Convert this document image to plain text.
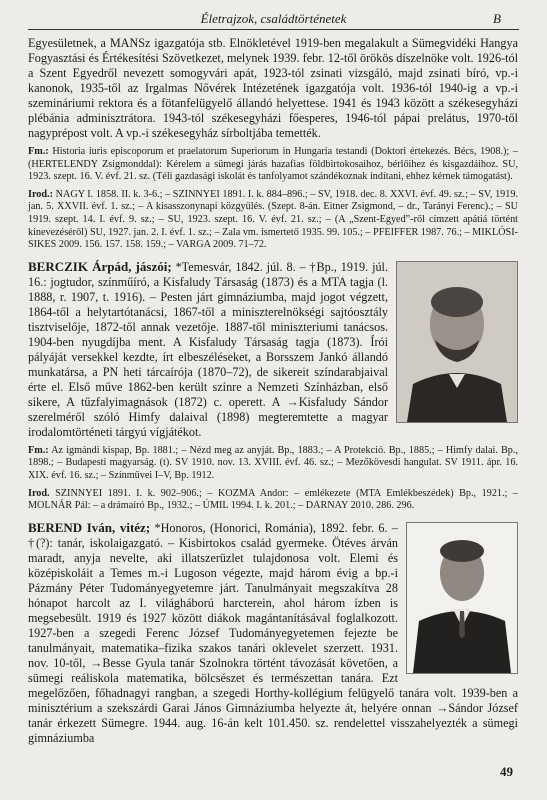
Életrajzok, családtörténetek	B

Egyesületnek, a MANSz igazgatója stb. Elnökletével 1919-ben megalakult a Sümegvidéki Hangya Fogyasztási és Értékesítési Szövetkezet, melynek 1939. febr. 12-től örökös díszelnöke volt. 1926-tól a Szent Egyedről nevezett somogyvári apát, 1923-tól zsinati vizsgáló, majd zsinati bíró, vp.-i kanonok, 1935-től az Irgalmas Nővérek Intézetének igazgatója volt. 1936-tól 1940-ig a vp.-i szemináriumi rektora és a fötanfelügyelő állandó helyettese. 1941 és 1943 között a székesegyházi plébánia adminisztrátora. 1943-tól székesegyházi főesperes, 1946-tól pápai prelátus, 1970-től nagyprépost volt. A vp.-i székesegyház sírboltjába temették.

Fm.: Historia iuris episcoporum et praelatorum Superiorum in Hungaria testandi (Doktori értekezés. Bécs, 1908.); – (HERTELENDY Zsigmonddal): Kérelem a sümegi járás hazafias földbirtokosaihoz, bérlőihez és kisgazdáihoz. SU, 1923. szept. 16. V. évf. 21. sz. (Téli gazdasági iskolát és tanfolyamot szándékoznak indítani, ehhez kérnek támogatást).

Irod.: NAGY I. 1858. II. k. 3-6.; – SZINNYEI 1891. I. k. 884–896.; – SV, 1918. dec. 8. XXVI. évf. 49. sz.; – SV, 1919. jan. 5. XXVII. évf. 1. sz.; – A kisasszonynapi közgyűlés. (Szept. 8-án. Eitner Zsigmond, – dr., Tarányi Ferenc).; – SU 1919. szept. 14. I. évf. 9. sz.; – SU, 1923. szept. 16. V. évf. 21. sz.; – (A „Szent-Egyed”-ről címzett apátiá történt kinevezéséről) SU, 1927. jan. 2. I. évf. 1. sz.; – Zala vm. ismertető 1935. 99. 105.; – PFEIFFER 1987. 76.; – MIKLÓSI-SIKES 2009. 156. 157. 158. 159.; – VARGA 2009. 71–72.

BERCZIK Árpád, jászói; *Temesvár, 1842. júl. 8. – †Bp., 1919. júl. 16.: jogtudor, színműíró, a Kisfaludy Társaság (1873) és a MTA tagja (l. 1888, r. 1907, t. 1916). – Pesten járt gimnáziumba, majd jogot végzett, 1864-től a helytartótanácsi, 1867-től a miniszterelnökségi sajtóosztály tisztviselője, 1872-től annak vezetője. 1887-től miniszteriumi tanácsos. 1904-ben nyugdíjba ment. A Kisfaludy Társaság tagja (1873). Írói pályáját versekkel kezdte, írt elbeszéléseket, a Borsszem Jankó állandó munkatársa, a PN heti tárcaírója (1870–72), de sikereit színdarabjaival érte el. Első műve 1862-ben került színre a Nemzeti Színházban, első sikere, A tűzfalyimagnások (1872) c. operett. A →Kisfaludy Sándor szerelméről szóló Himfy dalaival (1898) megteremtette a magyar irodalomtörténeti tárgyú vígjátékot.

Fm.: Az igmándi kispap, Bp. 1881.; – Nézd meg az anyját. Bp., 1883.; – A Protekció. Bp., 1885.; – Himfy dalai. Bp., 1898.; – Budapesti magyarság. (t). SV 1910. nov. 13. XVIII. évf. 46. sz.; – Mezőkövesdi hangulat. SV 1911. ápr. 16. XIX. évf. 16. sz.; – Színművei I–V, Bp. 1912.

Irod. SZINNYEI 1891. I. k. 902–906.; – KOZMA Andor: – emlékezete (MTA Emlékbeszédek) Bp., 1921.; – MOLNÁR Pál: – a drámaíró Bp., 1932.; – ÚMIL 1994. I. k. 201.; – DARNAY 2010. 286. 296.

BEREND Iván, vitéz; *Honoros, (Honorici, Románia), 1892. febr. 6. – †(?): tanár, iskolaigazgató. – Kisbirtokos család gyermeke. Ötéves árván maradt, anyja nevelte, aki illatszerüzlet tulajdonosa volt. Elemi és középiskoláit a Temes m.-i Lugoson végezte, majd három évig a bp.-i Pázmány Péter Tudományegyetemre járt. Tanulmányait megszakítva 28 hónapot harcolt az I. világháború harcterein, ahol három ízben is megsebesült. 1919 és 1927 között diákok magántanításával foglalkozott. 1927-ben a szegedi Ferenc József Tudományegyetemen fejezte be tanulmányait, matematika–fizika szakos tanári oklevelet szerzett. 1931. nov. 10-től, →Besse Gyula tanár Szolnokra történt távozását követően, a sümegi reáliskola matematika, bölcsészet és természettan tanára. Ezt megelőzően, főhadnagyi rangban, a szegedi Horthy-kollégium felügyelő tanára volt. 1939-ben a minisztérium a szekszárdi Garai János Gimnáziumba helyezte át, helyére onnan →Sándor József tanár érkezett Sümegre. 1944. aug. 16-án kelt 101.450. sz. rendelettel visszahelyezték a sümegi gimnáziumba

49
